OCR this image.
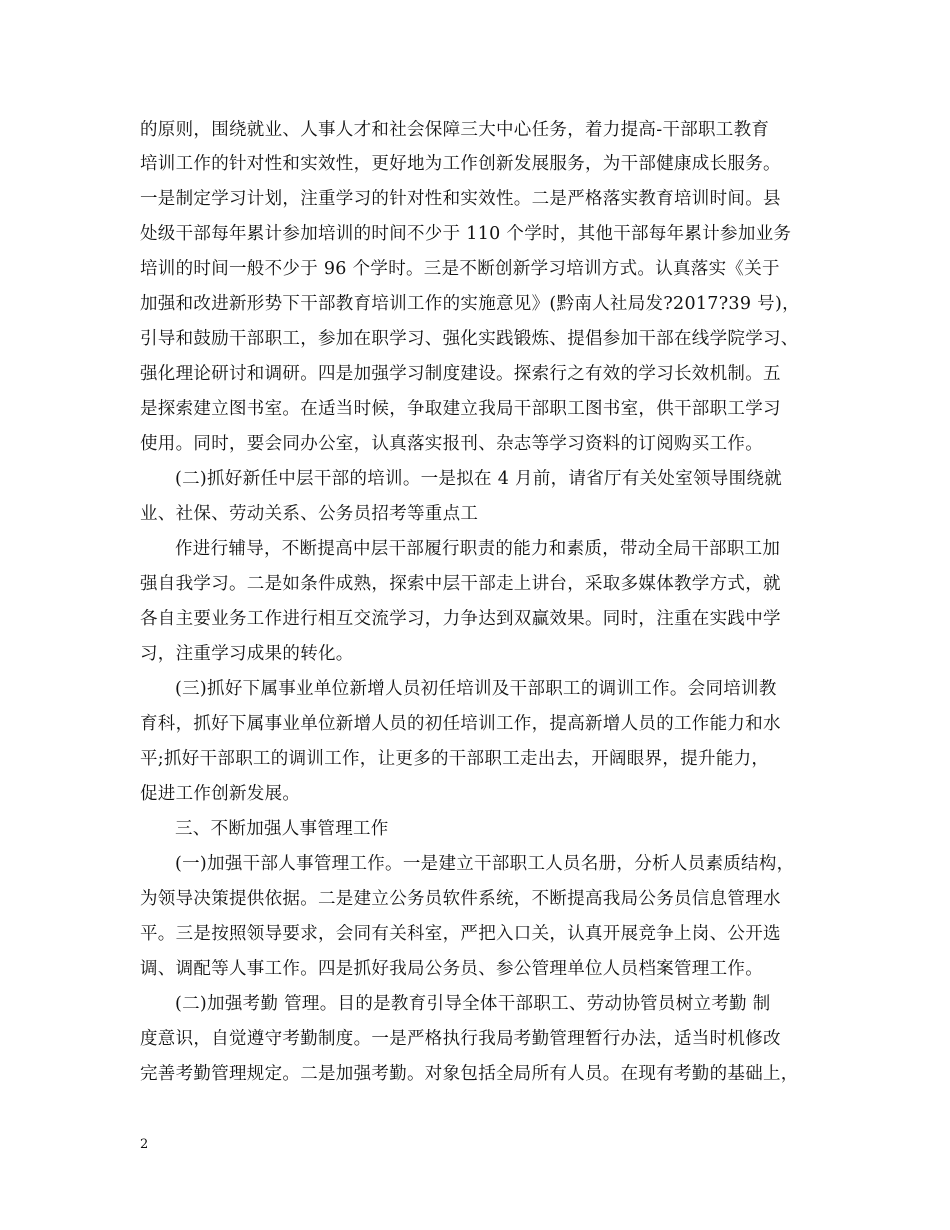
的原则，围绕就业、人事人才和社会保障三大中心任务，着力提高-干部职工教育
培训工作的针对性和实效性，更好地为工作创新发展服务，为干部健康成长服务。
一是制定学习计划，注重学习的针对性和实效性。二是严格落实教育培训时间。县
处级干部每年累计参加培训的时间不少于 110 个学时，其他干部每年累计参加业务
培训的时间一般不少于 96 个学时。三是不断创新学习培训方式。认真落实《关于
加强和改进新形势下干部教育培训工作的实施意见》(黔南人社局发?2017?39 号)，
引导和鼓励干部职工，参加在职学习、强化实践锻炼、提倡参加干部在线学院学习、
强化理论研讨和调研。四是加强学习制度建设。探索行之有效的学习长效机制。五
是探索建立图书室。在适当时候，争取建立我局干部职工图书室，供干部职工学习
使用。同时，要会同办公室，认真落实报刊、杂志等学习资料的订阅购买工作。
(二)抓好新任中层干部的培训。一是拟在 4 月前，请省厅有关处室领导围绕就
业、社保、劳动关系、公务员招考等重点工
作进行辅导，不断提高中层干部履行职责的能力和素质，带动全局干部职工加
强自我学习。二是如条件成熟，探索中层干部走上讲台，采取多媒体教学方式，就
各自主要业务工作进行相互交流学习，力争达到双赢效果。同时，注重在实践中学
习，注重学习成果的转化。
(三)抓好下属事业单位新增人员初任培训及干部职工的调训工作。会同培训教
育科，抓好下属事业单位新增人员的初任培训工作，提高新增人员的工作能力和水
平;抓好干部职工的调训工作，让更多的干部职工走出去，开阔眼界，提升能力，
促进工作创新发展。
三、不断加强人事管理工作
(一)加强干部人事管理工作。一是建立干部职工人员名册，分析人员素质结构，
为领导决策提供依据。二是建立公务员软件系统，不断提高我局公务员信息管理水
平。三是按照领导要求，会同有关科室，严把入口关，认真开展竞争上岗、公开选
调、调配等人事工作。四是抓好我局公务员、参公管理单位人员档案管理工作。
(二)加强考勤 管理。目的是教育引导全体干部职工、劳动协管员树立考勤 制
度意识，自觉遵守考勤制度。一是严格执行我局考勤管理暂行办法，适当时机修改
完善考勤管理规定。二是加强考勤。对象包括全局所有人员。在现有考勤的基础上，
2
